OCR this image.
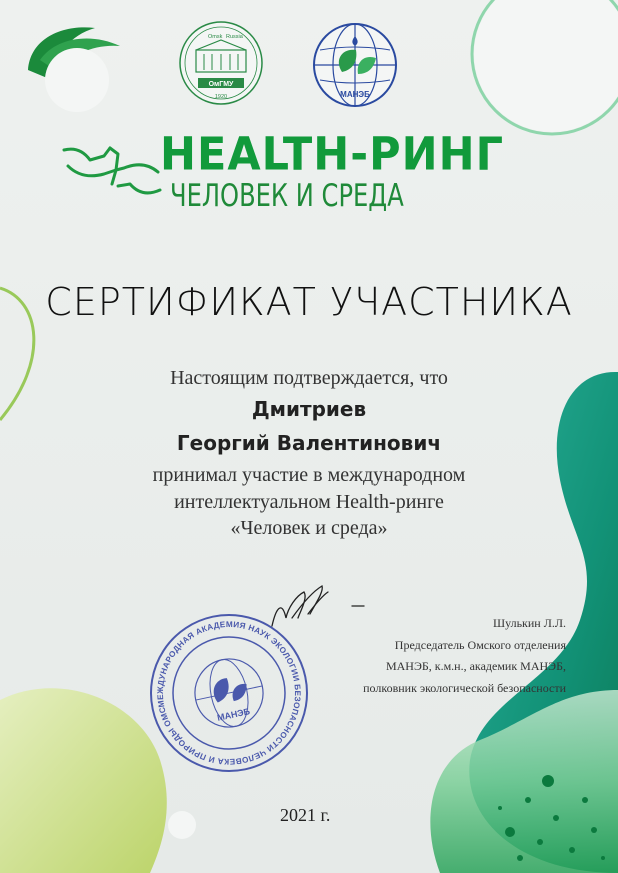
Omsk Russia
ОмГМУ
1920	МАНЭБ
HEALTH-РИНГ
ЧЕЛОВЕК И СРЕДА
СЕРТИФИКАТ УЧАСТНИКА
Настоящим подтверждается, что
Дмитриев
Георгий Валентинович
принимал участие в международном
интеллектуальном Health-ринге
«Человек и среда»
МЕЖДУНАРОДНАЯ АКАДЕМИЯ НАУК ЭКОЛОГИИ БЕЗОПАСНОСТИ ЧЕЛОВЕКА И ПРИРОДЫ ОМСКОЕ
МАНЭБ
Шулькин Л.Л.
Председатель Омского отделения
МАНЭБ, к.м.н., академик МАНЭБ,
полковник экологической безопасности
2021 г.
